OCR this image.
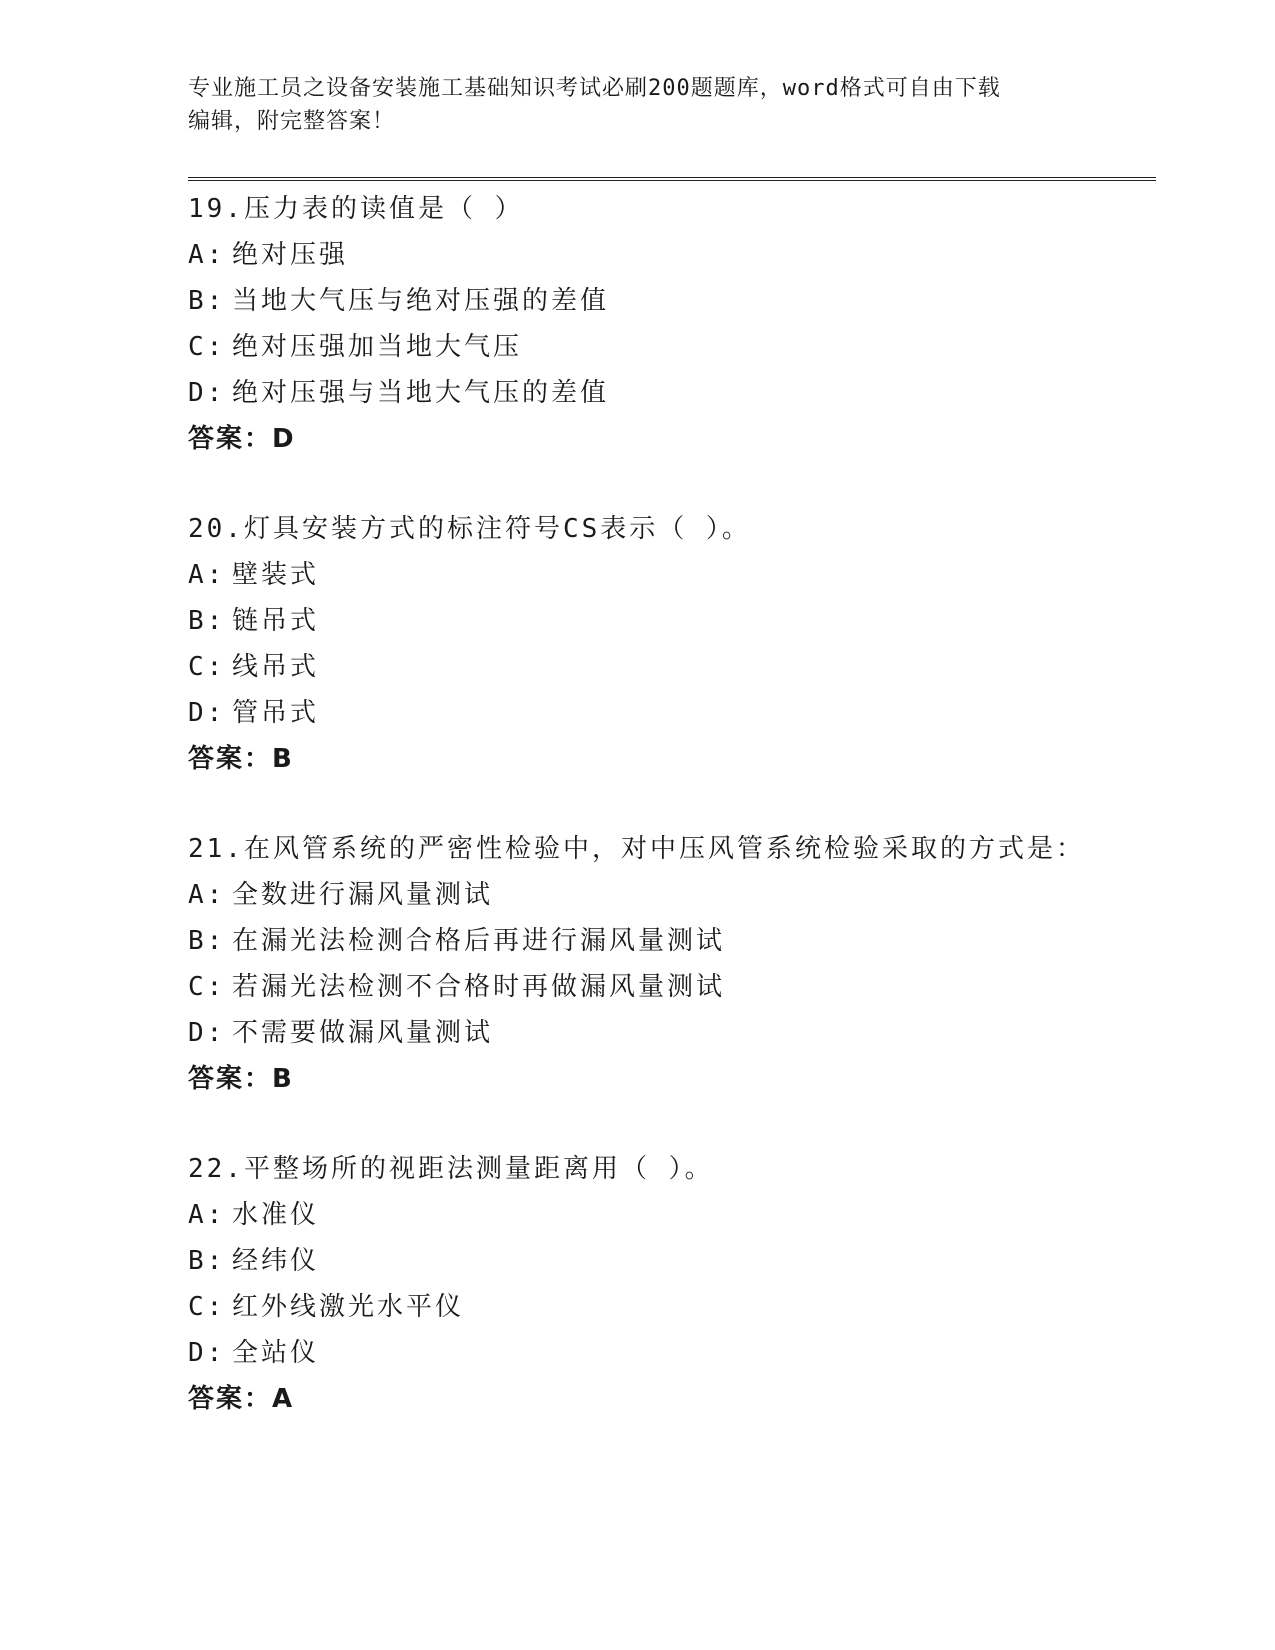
专业施工员之设备安装施工基础知识考试必刷200题题库，word格式可自由下载
编辑，附完整答案！
19.压力表的读值是（ ）
A: 绝对压强
B: 当地大气压与绝对压强的差值
C: 绝对压强加当地大气压
D: 绝对压强与当地大气压的差值
答案：D
20.灯具安装方式的标注符号CS表示（ ）。
A: 壁装式
B: 链吊式
C: 线吊式
D: 管吊式
答案：B
21.在风管系统的严密性检验中，对中压风管系统检验采取的方式是：
A: 全数进行漏风量测试
B: 在漏光法检测合格后再进行漏风量测试
C: 若漏光法检测不合格时再做漏风量测试
D: 不需要做漏风量测试
答案：B
22.平整场所的视距法测量距离用（ ）。
A: 水准仪
B: 经纬仪
C: 红外线激光水平仪
D: 全站仪
答案：A
